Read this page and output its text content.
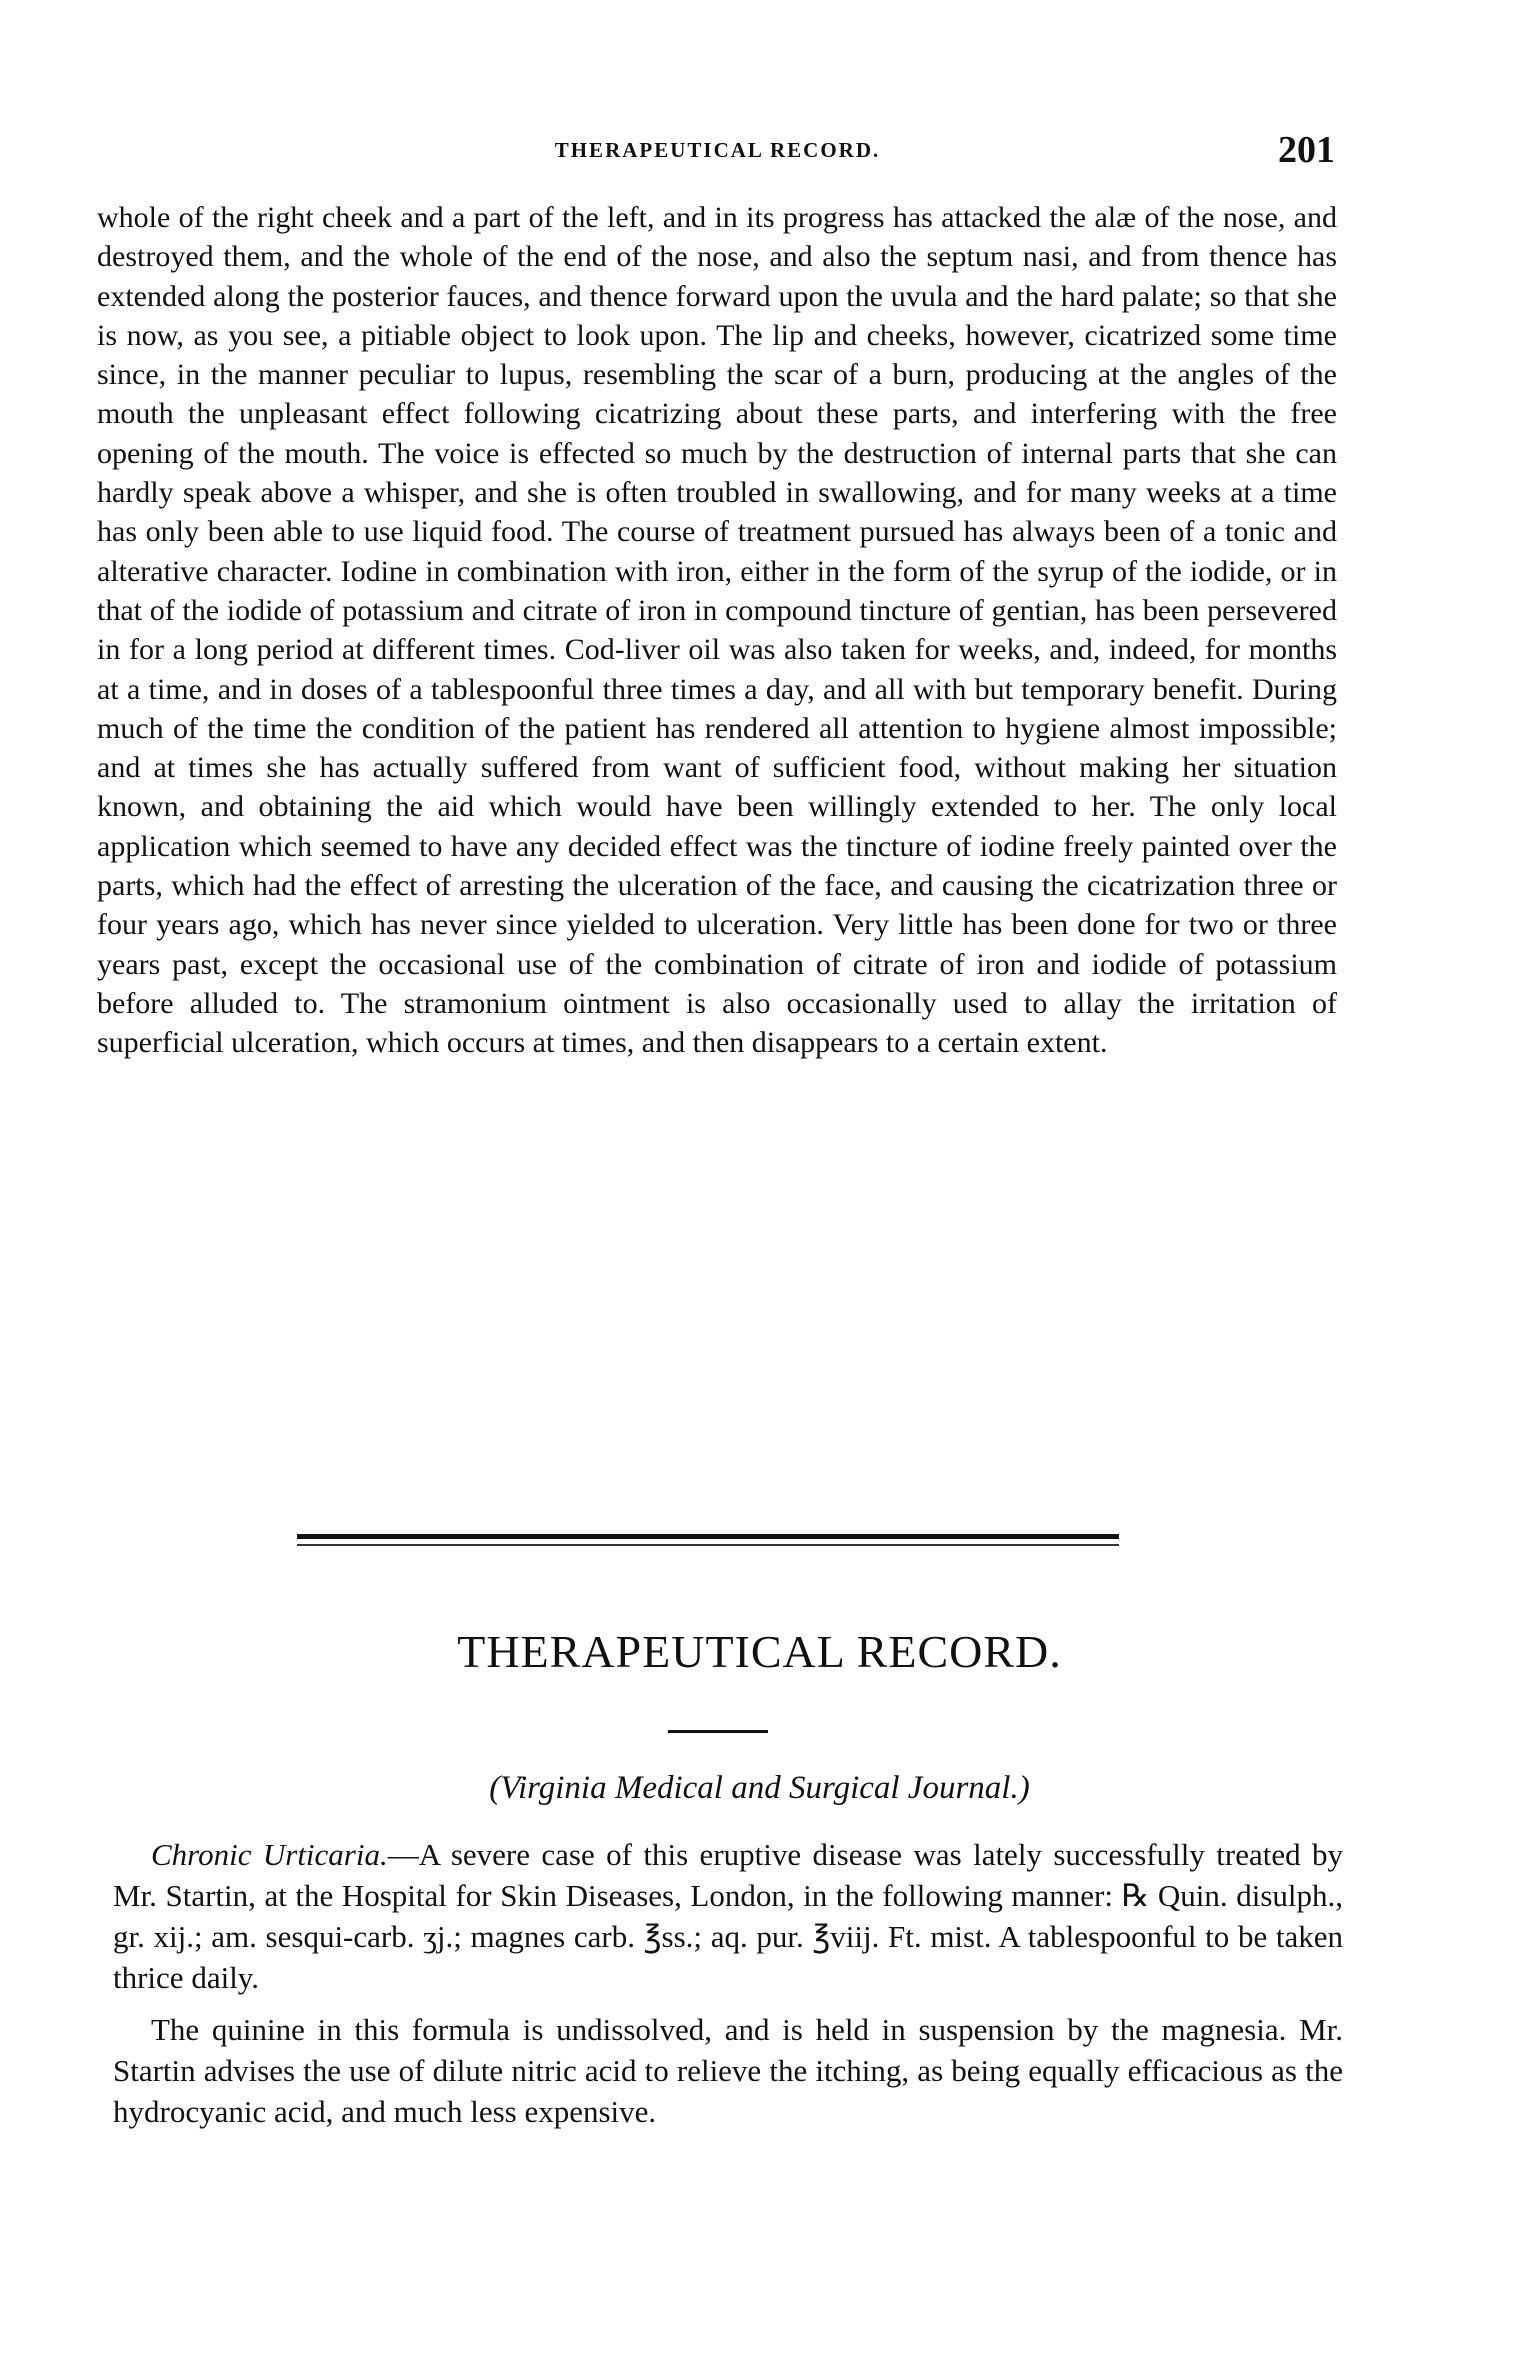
THERAPEUTICAL RECORD.	201

whole of the right cheek and a part of the left, and in its progress has attacked the alæ of the nose, and destroyed them, and the whole of the end of the nose, and also the septum nasi, and from thence has extended along the posterior fauces, and thence forward upon the uvula and the hard palate; so that she is now, as you see, a pitiable object to look upon. The lip and cheeks, however, cicatrized some time since, in the manner peculiar to lupus, resembling the scar of a burn, producing at the angles of the mouth the unpleasant effect following cicatrizing about these parts, and interfering with the free opening of the mouth. The voice is effected so much by the destruction of internal parts that she can hardly speak above a whisper, and she is often troubled in swallowing, and for many weeks at a time has only been able to use liquid food. The course of treatment pursued has always been of a tonic and alterative character. Iodine in combination with iron, either in the form of the syrup of the iodide, or in that of the iodide of potassium and citrate of iron in compound tincture of gentian, has been persevered in for a long period at different times. Cod-liver oil was also taken for weeks, and, indeed, for months at a time, and in doses of a tablespoonful three times a day, and all with but temporary benefit. During much of the time the condition of the patient has rendered all attention to hygiene almost impossible; and at times she has actually suffered from want of sufficient food, without making her situation known, and obtaining the aid which would have been willingly extended to her. The only local application which seemed to have any decided effect was the tincture of iodine freely painted over the parts, which had the effect of arresting the ulceration of the face, and causing the cicatrization three or four years ago, which has never since yielded to ulceration. Very little has been done for two or three years past, except the occasional use of the combination of citrate of iron and iodide of potassium before alluded to. The stramonium ointment is also occasionally used to allay the irritation of superficial ulceration, which occurs at times, and then disappears to a certain extent.

THERAPEUTICAL RECORD.
(Virginia Medical and Surgical Journal.)

Chronic Urticaria.—A severe case of this eruptive disease was lately successfully treated by Mr. Startin, at the Hospital for Skin Diseases, London, in the following manner: ℞ Quin. disulph., gr. xij.; am. sesqui-carb. ʒj.; magnes carb. ℥ss.; aq. pur. ℥viij. Ft. mist. A tablespoonful to be taken thrice daily.

The quinine in this formula is undissolved, and is held in suspension by the magnesia. Mr. Startin advises the use of dilute nitric acid to relieve the itching, as being equally efficacious as the hydrocyanic acid, and much less expensive.
